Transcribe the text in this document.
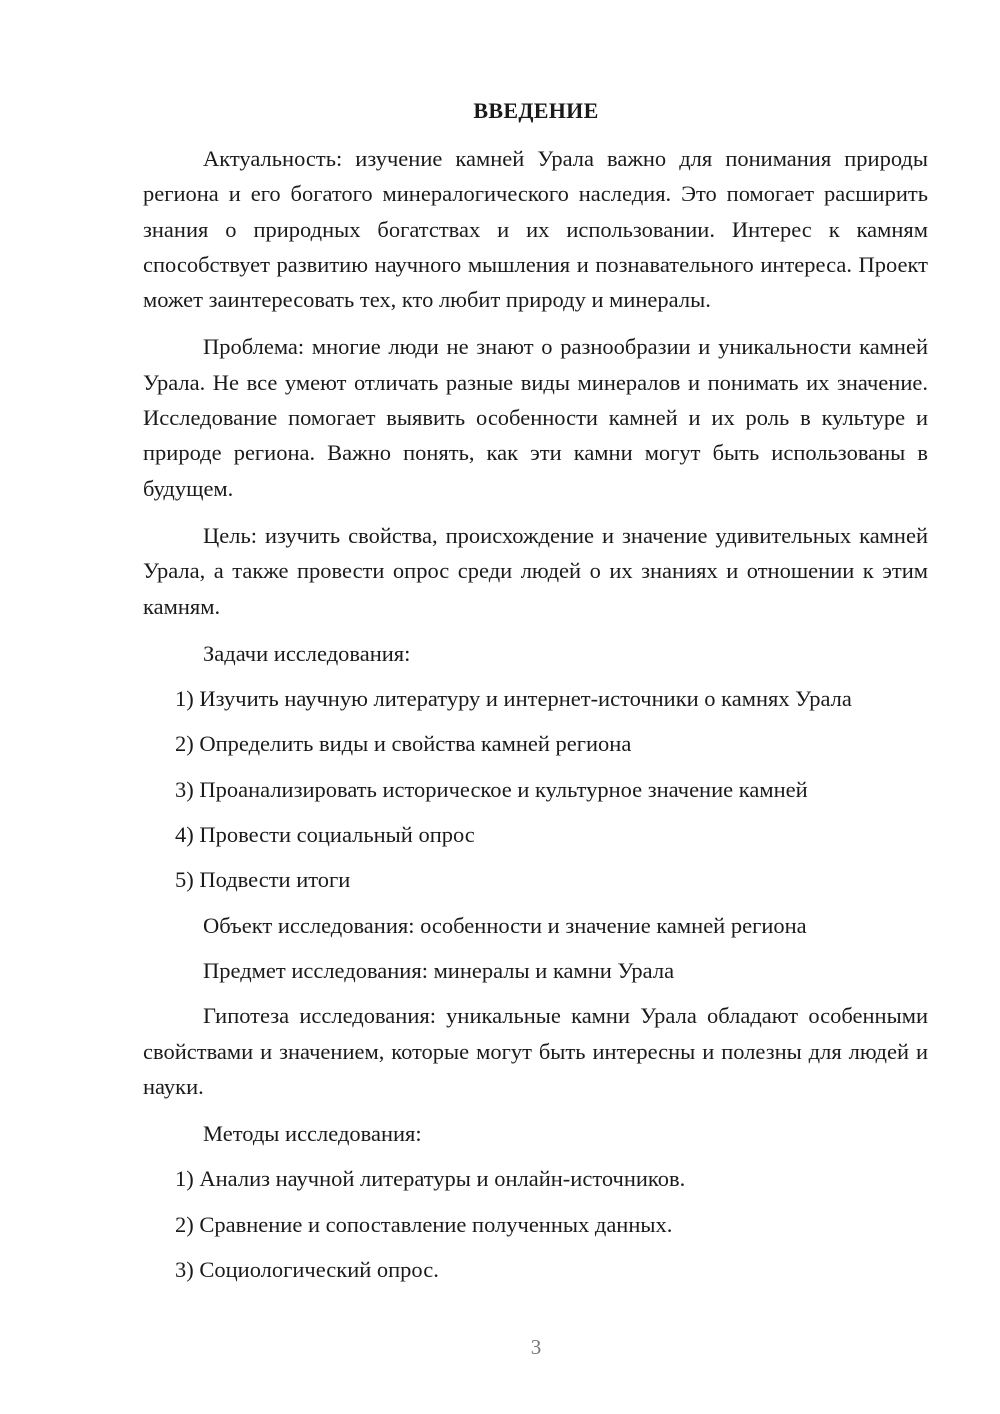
ВВЕДЕНИЕ

Актуальность: изучение камней Урала важно для понимания природы региона и его богатого минералогического наследия. Это помогает расширить знания о природных богатствах и их использовании. Интерес к камням способствует развитию научного мышления и познавательного интереса. Проект может заинтересовать тех, кто любит природу и минералы.

Проблема: многие люди не знают о разнообразии и уникальности камней Урала. Не все умеют отличать разные виды минералов и понимать их значение. Исследование помогает выявить особенности камней и их роль в культуре и природе региона. Важно понять, как эти камни могут быть использованы в будущем.

Цель: изучить свойства, происхождение и значение удивительных камней Урала, а также провести опрос среди людей о их знаниях и отношении к этим камням.

Задачи исследования:
1) Изучить научную литературу и интернет-источники о камнях Урала
2) Определить виды и свойства камней региона
3) Проанализировать историческое и культурное значение камней
4) Провести социальный опрос
5) Подвести итоги
Объект исследования: особенности и значение камней региона
Предмет исследования: минералы и камни Урала

Гипотеза исследования: уникальные камни Урала обладают особенными свойствами и значением, которые могут быть интересны и полезны для людей и науки.

Методы исследования:
1) Анализ научной литературы и онлайн-источников.
2) Сравнение и сопоставление полученных данных.
3) Социологический опрос.
3
